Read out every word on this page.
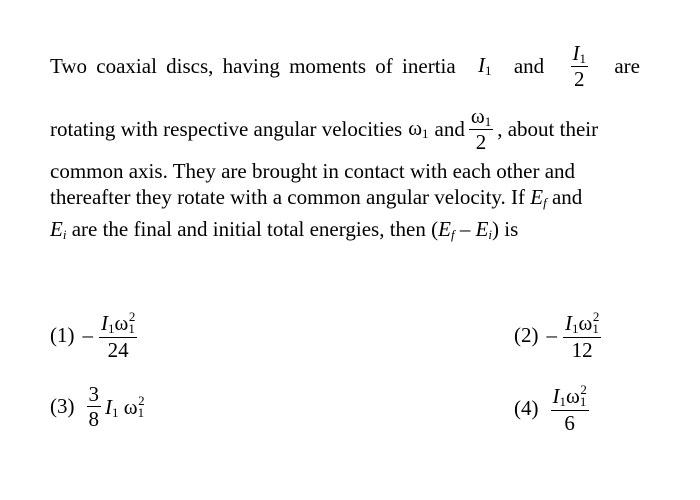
Two coaxial discs, having moments of inertia $I_1$ and $\frac{I_1}{2}$ are
rotating with respective angular velocities $\omega_1$ and $\frac{\omega_1}{2}$ , about their
common axis. They are brought in contact with each other and
thereafter they rotate with a common angular velocity. If $E_f$ and
$E_i$ are the final and initial total energies, then $(E_f - E_i)$ is
$(1) - \frac{I1\omega 1^2}{24}$	$(2) - \frac{I1\omega 1^2}{12}$
$(3) \frac{3}{8} I1$ $\omega 1^2$	$(4) \frac{I1\omega 1^2}{6}$
